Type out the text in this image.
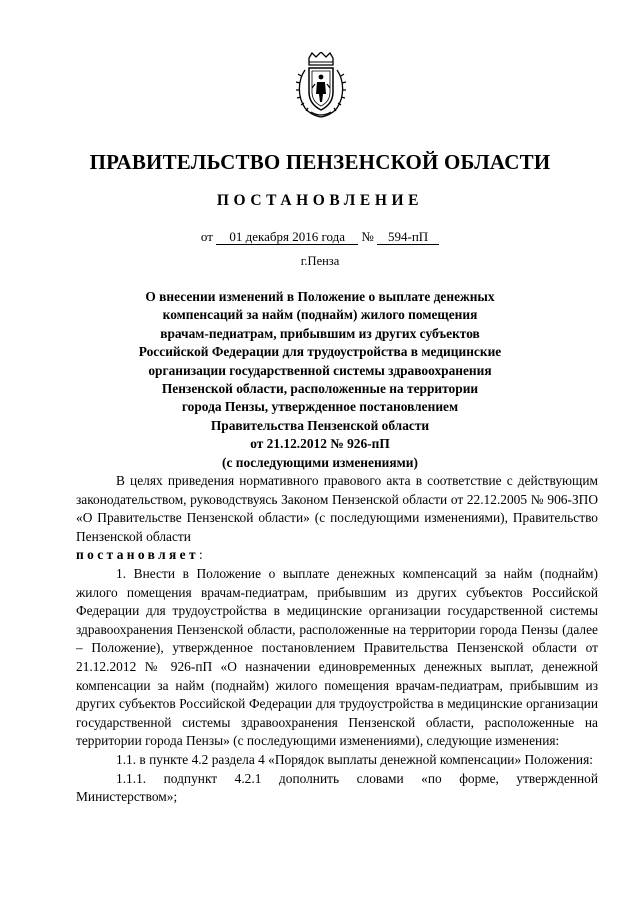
ПРАВИТЕЛЬСТВО ПЕНЗЕНСКОЙ ОБЛАСТИ
ПОСТАНОВЛЕНИЕ
от 01 декабря 2016 года № 594-пП
г.Пенза
О внесении изменений в Положение о выплате денежных
компенсаций за найм (поднайм) жилого помещения
врачам-педиатрам, прибывшим из других субъектов
Российской Федерации для трудоустройства в медицинские
организации государственной системы здравоохранения
Пензенской области, расположенные на территории
города Пензы, утвержденное постановлением
Правительства Пензенской области
от 21.12.2012 № 926-пП
(с последующими изменениями)

В целях приведения нормативного правового акта в соответствие с действующим законодательством, руководствуясь Законом Пензенской области от 22.12.2005 № 906-ЗПО «О Правительстве Пензенской области» (с последующими изменениями), Правительство Пензенской области
постановляет:

1. Внести в Положение о выплате денежных компенсаций за найм (поднайм) жилого помещения врачам-педиатрам, прибывшим из других субъектов Российской Федерации для трудоустройства в медицинские организации государственной системы здравоохранения Пензенской области, расположенные на территории города Пензы (далее – Положение), утвержденное постановлением Правительства Пензенской области от 21.12.2012 № 926-пП «О назначении единовременных денежных выплат, денежной компенсации за найм (поднайм) жилого помещения врачам-педиатрам, прибывшим из других субъектов Российской Федерации для трудоустройства в медицинские организации государственной системы здравоохранения Пензенской области, расположенные на территории города Пензы» (с последующими изменениями), следующие изменения:

1.1. в пункте 4.2 раздела 4 «Порядок выплаты денежной компенсации» Положения:

1.1.1. подпункт 4.2.1 дополнить словами «по форме, утвержденной Министерством»;
